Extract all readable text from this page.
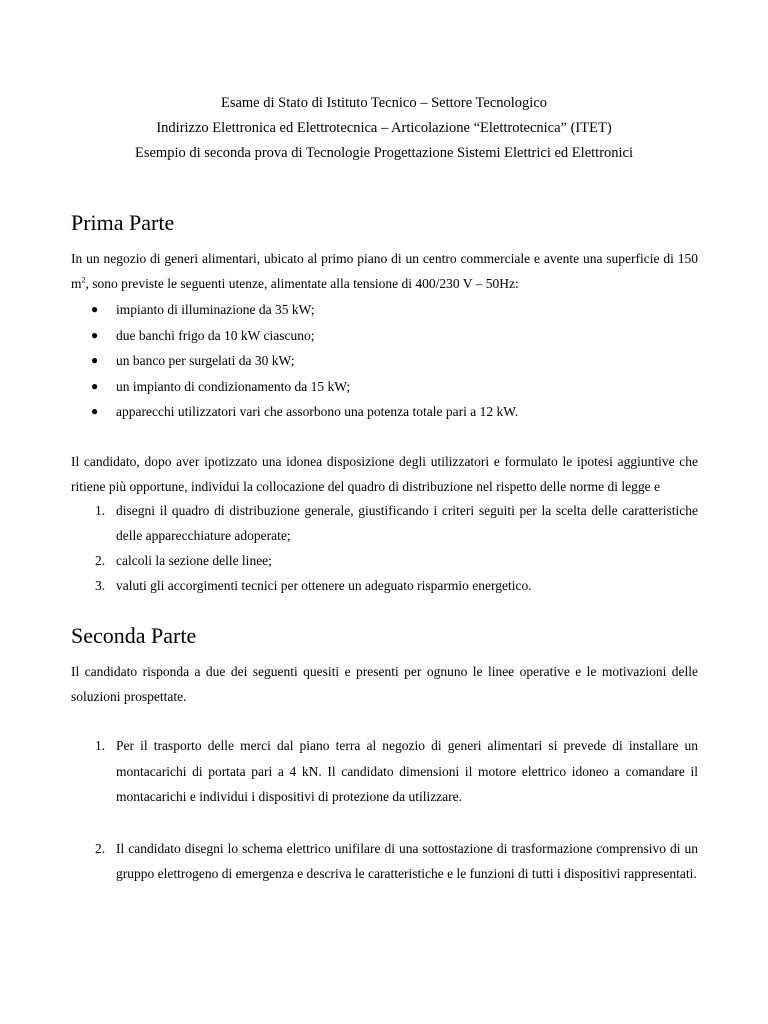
Esame di Stato di Istituto Tecnico – Settore Tecnologico
Indirizzo Elettronica ed Elettrotecnica – Articolazione “Elettrotecnica” (ITET)
Esempio di seconda prova di Tecnologie Progettazione Sistemi Elettrici ed Elettronici
Prima Parte

In un negozio di generi alimentari, ubicato al primo piano di un centro commerciale e avente una superficie di 150 $m^2$, sono previste le seguenti utenze, alimentate alla tensione di 400/230 V – 50Hz:

● impianto di illuminazione da 35 kW;
● due banchi frigo da 10 kW ciascuno;
● un banco per surgelati da 30 kW;
● un impianto di condizionamento da 15 kW;
● apparecchi utilizzatori vari che assorbono una potenza totale pari a 12 kW.

Il candidato, dopo aver ipotizzato una idonea disposizione degli utilizzatori e formulato le ipotesi aggiuntive che ritiene più opportune, individui la collocazione del quadro di distribuzione nel rispetto delle norme di legge e

1. disegni il quadro di distribuzione generale, giustificando i criteri seguiti per la scelta delle caratteristiche delle apparecchiature adoperate;
2. calcoli la sezione delle linee;
3. valuti gli accorgimenti tecnici per ottenere un adeguato risparmio energetico.
Seconda Parte

Il candidato risponda a due dei seguenti quesiti e presenti per ognuno le linee operative e le motivazioni delle soluzioni prospettate.

1. Per il trasporto delle merci dal piano terra al negozio di generi alimentari si prevede di installare un montacarichi di portata pari a 4 kN. Il candidato dimensioni il motore elettrico idoneo a comandare il montacarichi e individui i dispositivi di protezione da utilizzare.
2. Il candidato disegni lo schema elettrico unifilare di una sottostazione di trasformazione comprensivo di un gruppo elettrogeno di emergenza e descriva le caratteristiche e le funzioni di tutti i dispositivi rappresentati.
